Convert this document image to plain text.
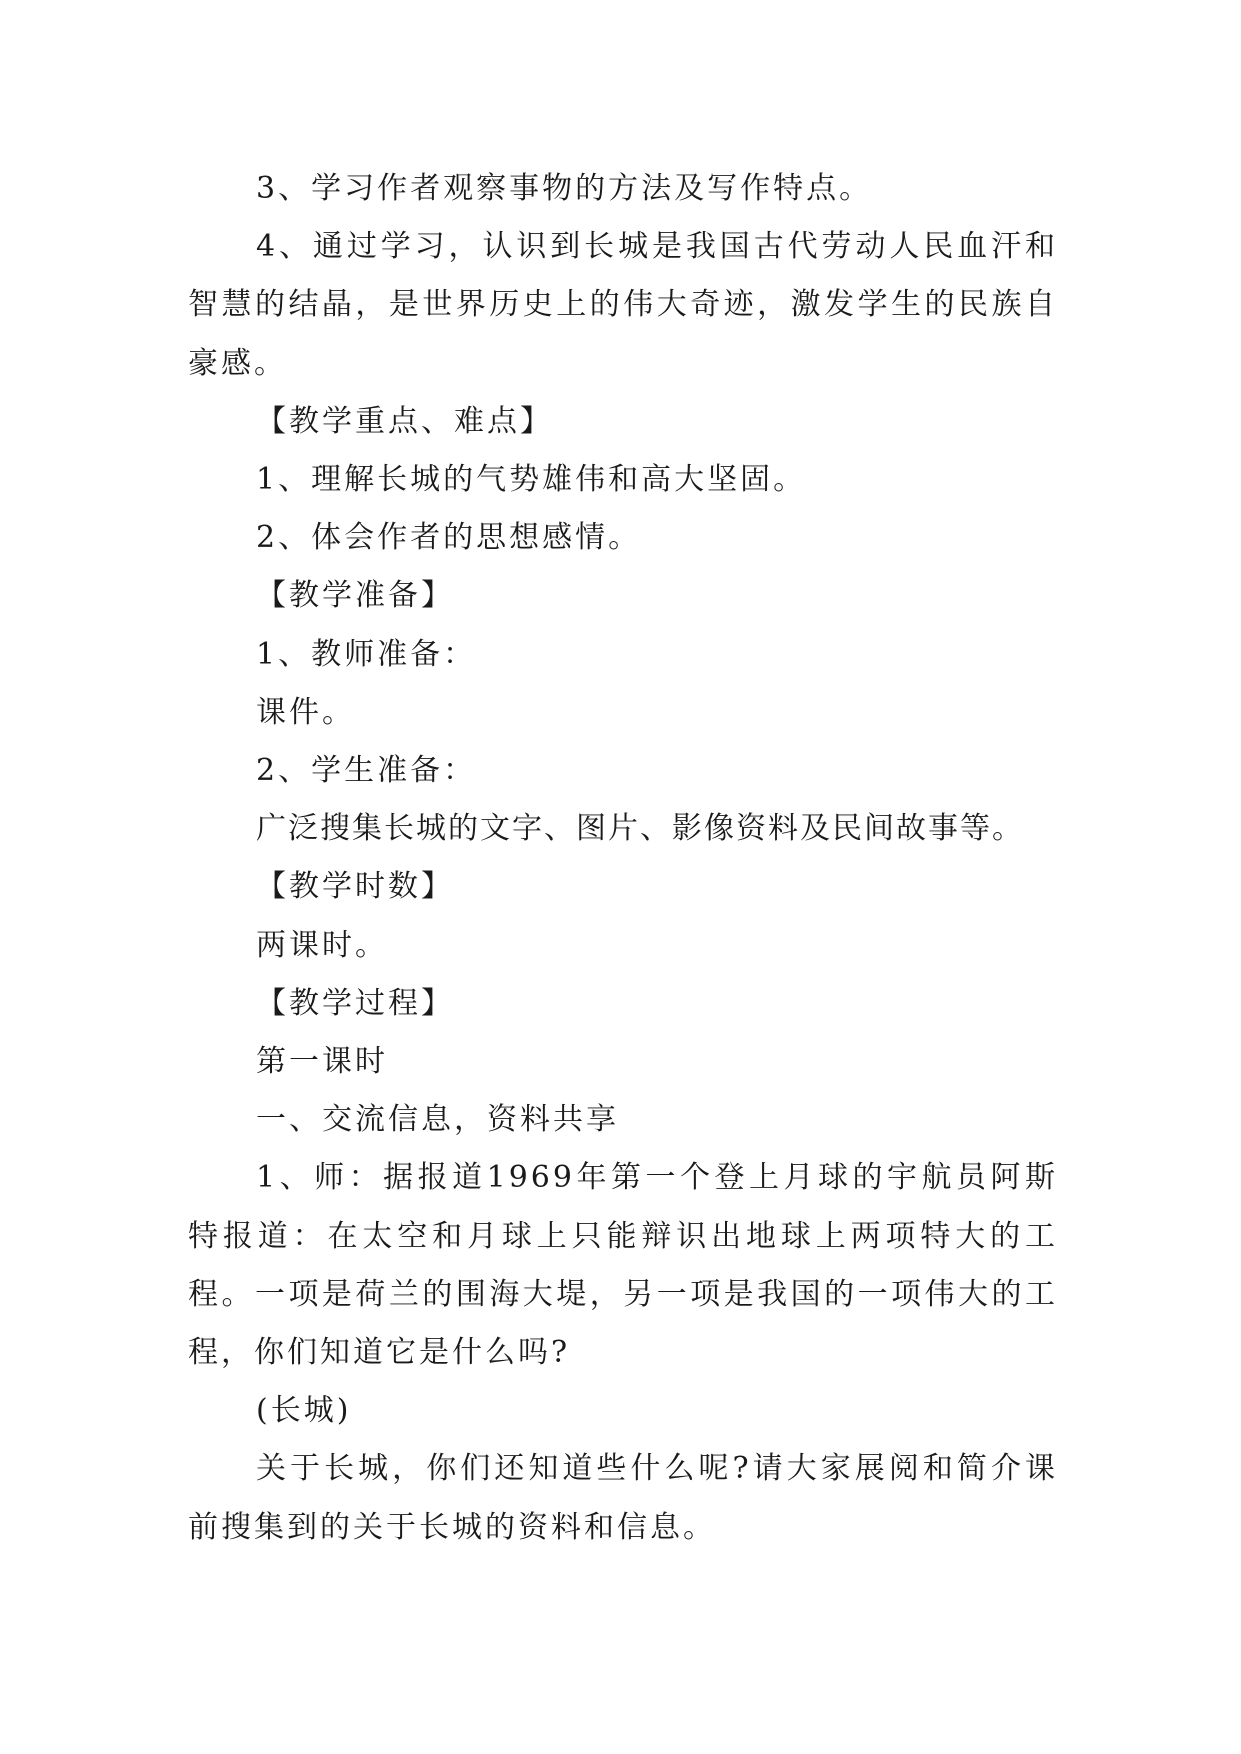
3、学习作者观察事物的方法及写作特点。

4、通过学习，认识到长城是我国古代劳动人民血汗和智慧的结晶，是世界历史上的伟大奇迹，激发学生的民族自豪感。

【教学重点、难点】

1、理解长城的气势雄伟和高大坚固。

2、体会作者的思想感情。

【教学准备】

1、教师准备：

课件。

2、学生准备：

广泛搜集长城的文字、图片、影像资料及民间故事等。

【教学时数】

两课时。

【教学过程】

第一课时

一、交流信息，资料共享

1、师：据报道1969年第一个登上月球的宇航员阿斯特报道：在太空和月球上只能辩识出地球上两项特大的工程。一项是荷兰的围海大堤，另一项是我国的一项伟大的工程，你们知道它是什么吗?

(长城)

关于长城，你们还知道些什么呢?请大家展阅和简介课前搜集到的关于长城的资料和信息。
